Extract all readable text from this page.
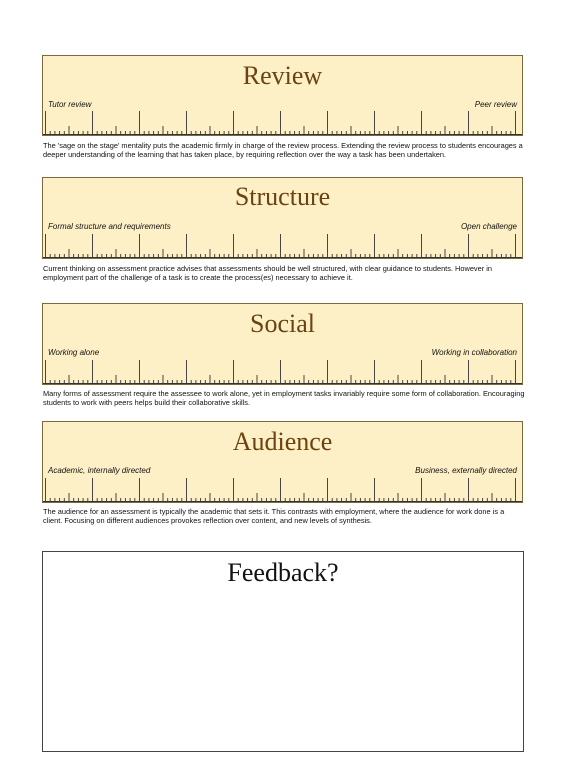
Review
Tutor review	Peer review
The 'sage on the stage' mentality puts the academic firmly in charge of the review process. Extending the review process to students encourages a deeper understanding of the learning that has taken place, by requiring reflection over the way a task has been undertaken.
Structure
Formal structure and requirements	Open challenge
Current thinking on assessment practice advises that assessments should be well structured, with clear guidance to students. However in employment part of the challenge of a task is to create the process(es) necessary to achieve it.
Social
Working alone	Working in collaboration
Many forms of assessment require the assessee to work alone, yet in employment tasks invariably require some form of collaboration. Encouraging students to work with peers helps build their collaborative skills.
Audience
Academic, internally directed	Business, externally directed
The audience for an assessment is typically the academic that sets it. This contrasts with employment, where the audience for work done is a client. Focusing on different audiences provokes reflection over content, and new levels of synthesis.
Feedback?
